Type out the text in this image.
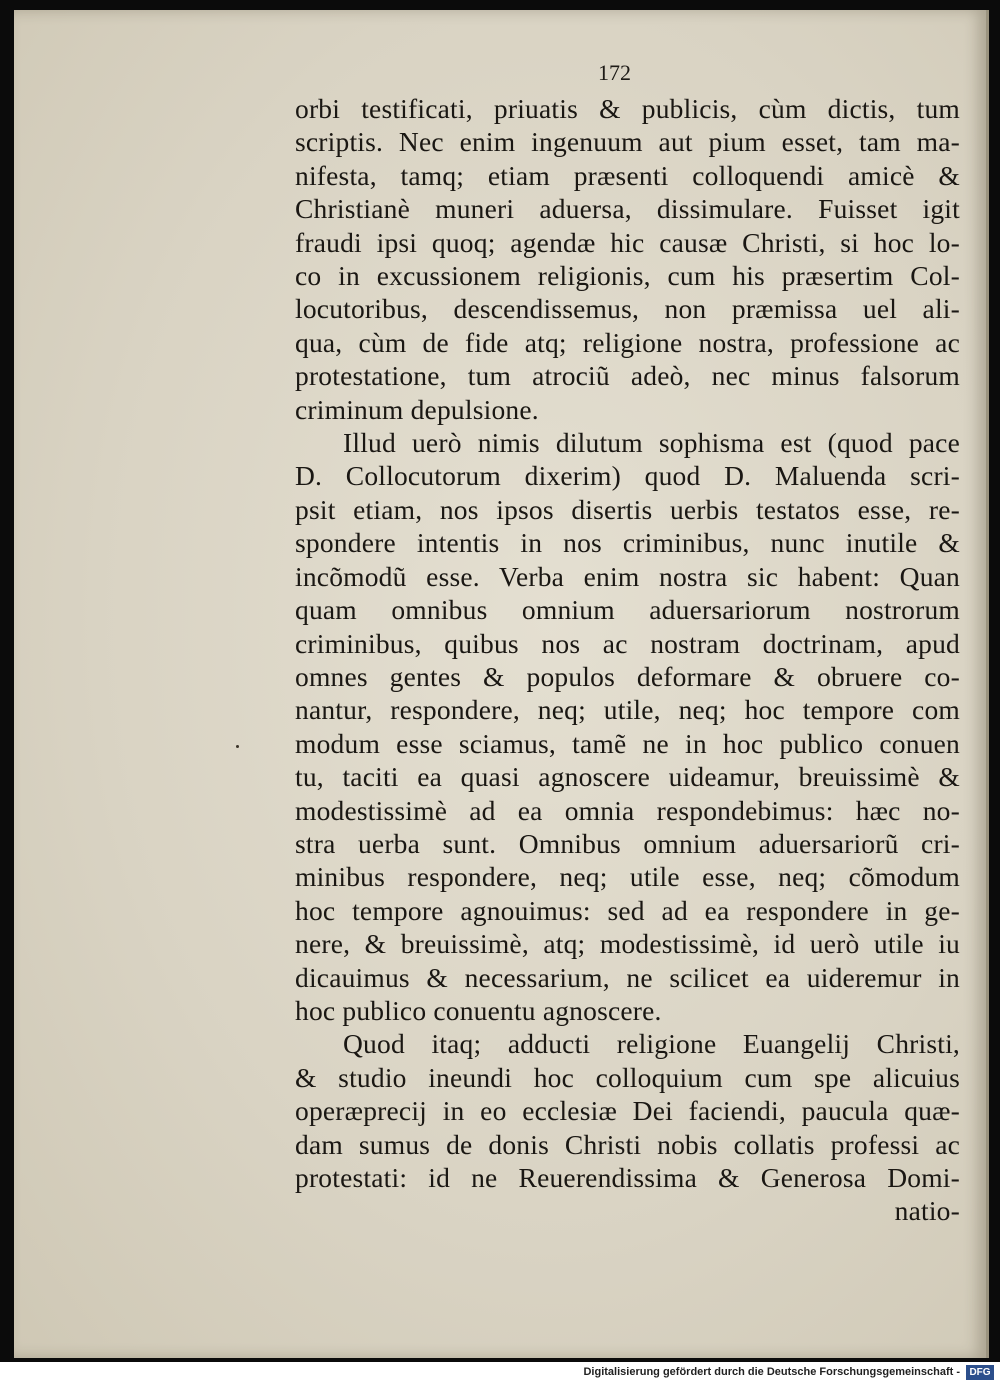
172
orbi testificati, priuatis & publicis, cùm dictis, tum
scriptis. Nec enim ingenuum aut pium esset, tam ma-
nifesta, tamq; etiam præsenti colloquendi amicè &
Christianè muneri aduersa, dissimulare. Fuisset igit
fraudi ipsi quoq; agendæ hic causæ Christi, si hoc lo-
co in excussionem religionis, cum his præsertim Col-
locutoribus, descendissemus, non præmissa uel ali-
qua, cùm de fide atq; religione nostra, professione ac
protestatione, tum atrociũ adeò, nec minus falsorum
criminum depulsione.
Illud uerò nimis dilutum sophisma est (quod pace
D. Collocutorum dixerim) quod D. Maluenda scri-
psit etiam, nos ipsos disertis uerbis testatos esse, re-
spondere intentis in nos criminibus, nunc inutile &
incõmodũ esse. Verba enim nostra sic habent: Quan
quam omnibus omnium aduersariorum nostrorum
criminibus, quibus nos ac nostram doctrinam, apud
omnes gentes & populos deformare & obruere co-
nantur, respondere, neq; utile, neq; hoc tempore com
modum esse sciamus, tamẽ ne in hoc publico conuen
tu, taciti ea quasi agnoscere uideamur, breuissimè &
modestissimè ad ea omnia respondebimus: hæc no-
stra uerba sunt. Omnibus omnium aduersariorũ cri-
minibus respondere, neq; utile esse, neq; cõmodum
hoc tempore agnouimus: sed ad ea respondere in ge-
nere, & breuissimè, atq; modestissimè, id uerò utile iu
dicauimus & necessarium, ne scilicet ea uideremur in
hoc publico conuentu agnoscere.
Quod itaq; adducti religione Euangelij Christi,
& studio ineundi hoc colloquium cum spe alicuius
operæprecij in eo ecclesiæ Dei faciendi, paucula quæ-
dam sumus de donis Christi nobis collatis professi ac
protestati: id ne Reuerendissima & Generosa Domi-
natio-
Digitalisierung gefördert durch die Deutsche Forschungsgemeinschaft - DFG
